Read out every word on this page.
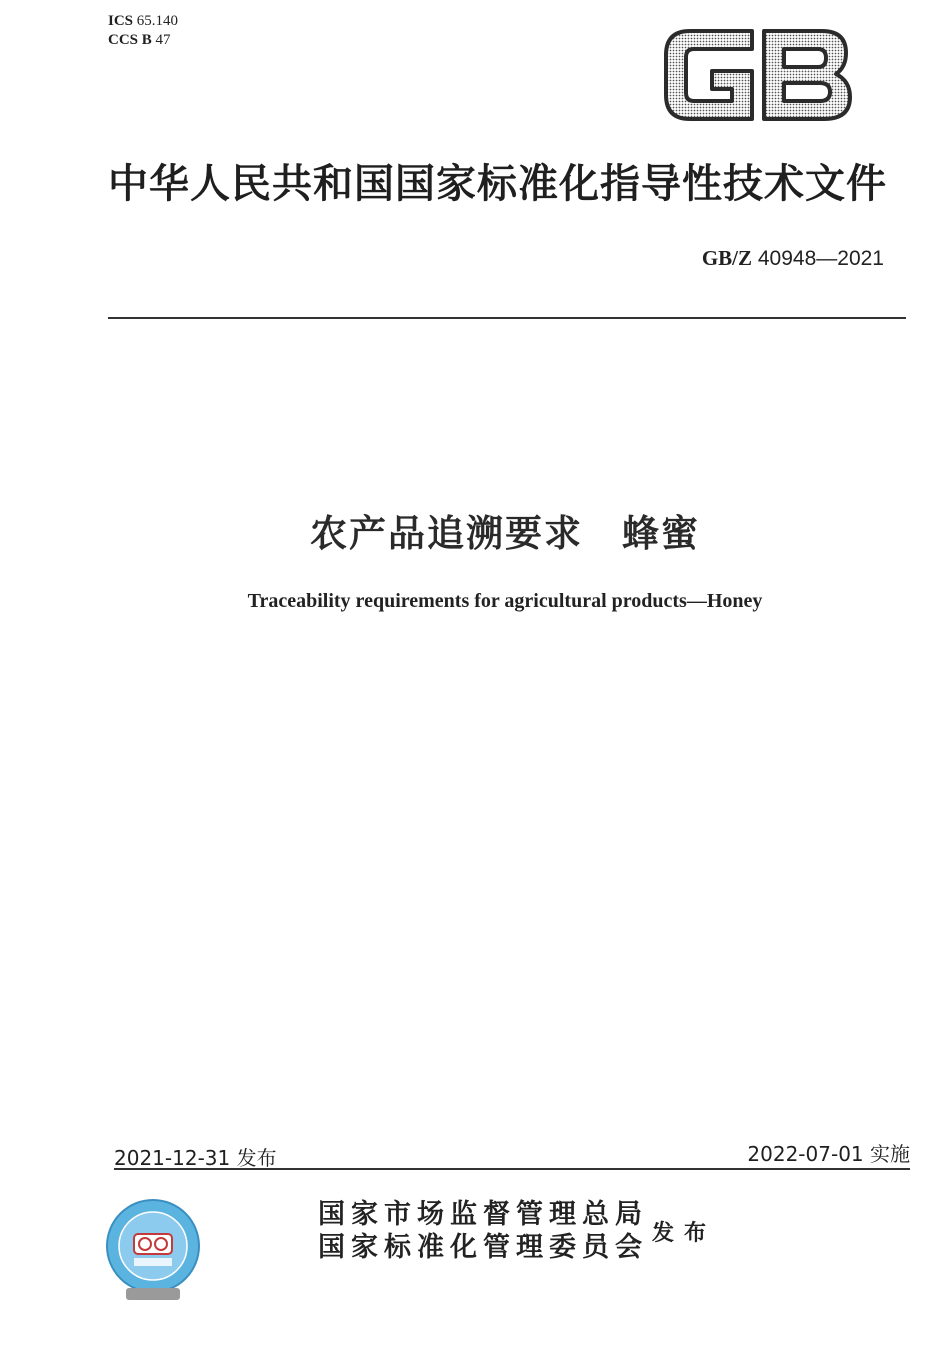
ICS 65.140
CCS B 47
中华人民共和国国家标准化指导性技术文件
GB/Z 40948—2021
农产品追溯要求　蜂蜜
Traceability requirements for agricultural products—Honey
2021-12-31 发布	2022-07-01 实施
国家市场监督管理总局
国家标准化管理委员会 发布
